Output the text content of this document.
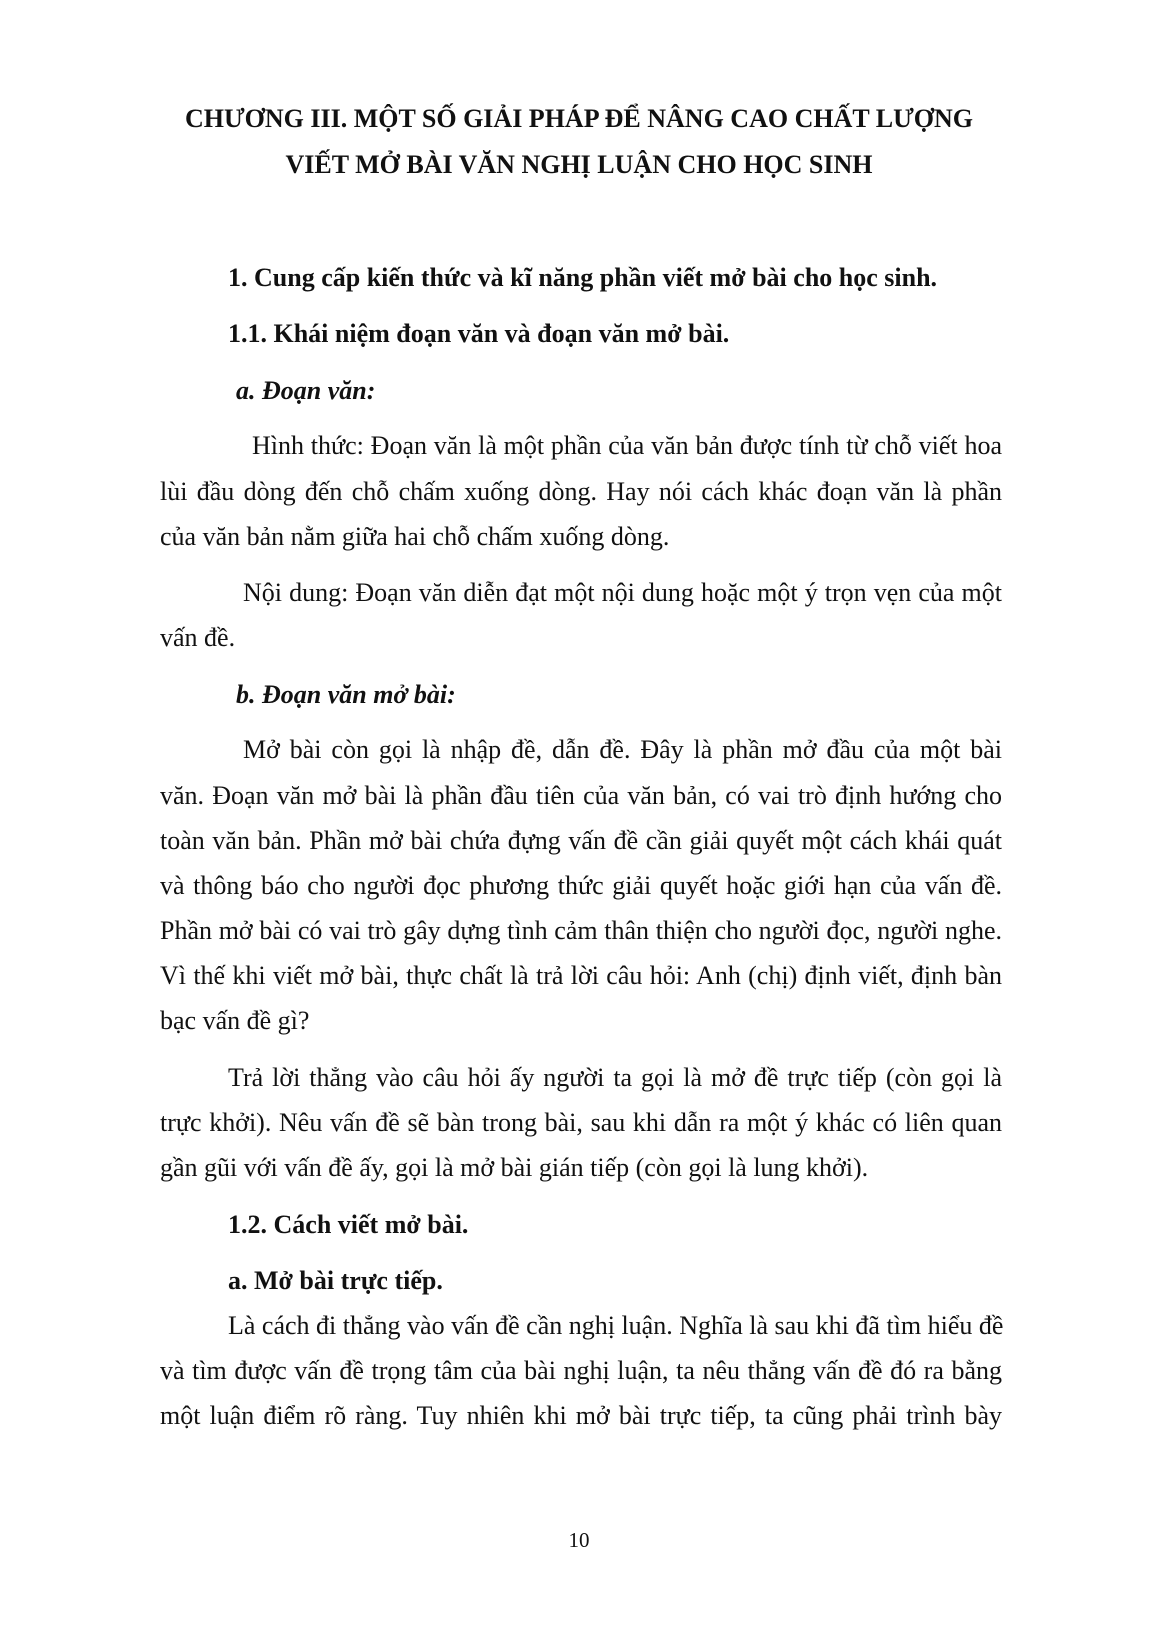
CHƯƠNG III. MỘT SỐ GIẢI PHÁP ĐỂ NÂNG CAO CHẤT LƯỢNG

VIẾT MỞ BÀI VĂN NGHỊ LUẬN CHO HỌC SINH

1. Cung cấp kiến thức và kĩ năng phần viết mở bài cho học sinh.

1.1. Khái niệm đoạn văn và đoạn văn mở bài.

a. Đoạn văn:

Hình thức: Đoạn văn là một phần của văn bản được tính từ chỗ viết hoa

lùi đầu dòng đến chỗ chấm xuống dòng. Hay nói cách khác đoạn văn là phần

của văn bản nằm giữa hai chỗ chấm xuống dòng.

Nội dung: Đoạn văn diễn đạt một nội dung hoặc một ý trọn vẹn của một

vấn đề.

b. Đoạn văn mở bài:

Mở bài còn gọi là nhập đề, dẫn đề. Đây là phần mở đầu của một bài

văn. Đoạn văn mở bài là phần đầu tiên của văn bản, có vai trò định hướng cho

toàn văn bản. Phần mở bài chứa đựng vấn đề cần giải quyết một cách khái quát

và thông báo cho người đọc phương thức giải quyết hoặc giới hạn của vấn đề.

Phần mở bài có vai trò gây dựng tình cảm thân thiện cho người đọc, người nghe.

Vì thế khi viết mở bài, thực chất là trả lời câu hỏi: Anh (chị) định viết, định bàn

bạc vấn đề gì?

Trả lời thẳng vào câu hỏi ấy người ta gọi là mở đề trực tiếp (còn gọi là

trực khởi). Nêu vấn đề sẽ bàn trong bài, sau khi dẫn ra một ý khác có liên quan

gần gũi với vấn đề ấy, gọi là mở bài gián tiếp (còn gọi là lung khởi).

1.2. Cách viết mở bài.

a. Mở bài trực tiếp.

Là cách đi thẳng vào vấn đề cần nghị luận. Nghĩa là sau khi đã tìm hiểu đề

và tìm được vấn đề trọng tâm của bài nghị luận, ta nêu thẳng vấn đề đó ra bằng

một luận điểm rõ ràng. Tuy nhiên khi mở bài trực tiếp, ta cũng phải trình bày

10
